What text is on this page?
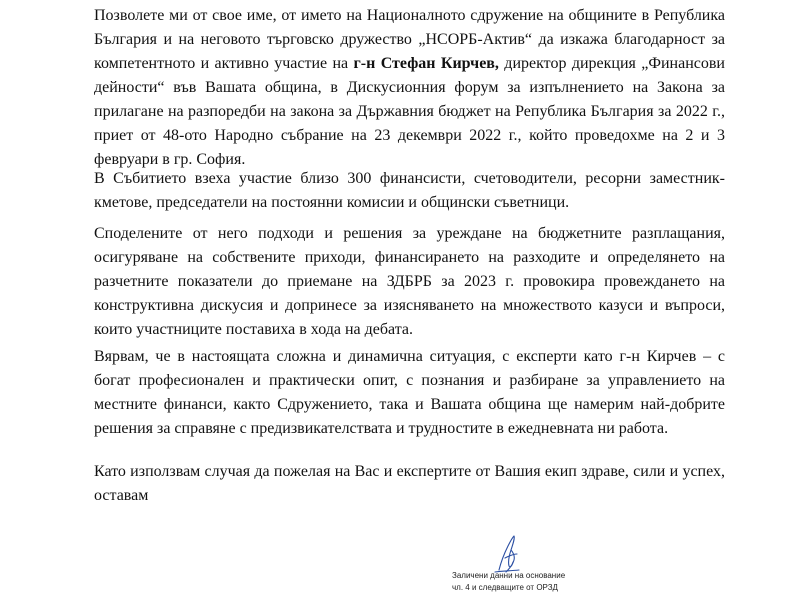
Позволете ми от свое име, от името на Националното сдружение на общините в Република България и на неговото търговско дружество „НСОРБ-Актив“ да изкажа благодарност за компетентното и активно участие на г-н Стефан Кирчев, директор дирекция „Финансови дейности“ във Вашата община, в Дискусионния форум за изпълнението на Закона за прилагане на разпоредби на закона за Държавния бюджет на Република България за 2022 г., приет от 48-ото Народно събрание на 23 декември 2022 г., който проведохме на 2 и 3 февруари в гр. София.

В Събитието взеха участие близо 300 финансисти, счетоводители, ресорни заместник-кметове, председатели на постоянни комисии и общински съветници.

Споделените от него подходи и решения за уреждане на бюджетните разплащания, осигуряване на собствените приходи, финансирането на разходите и определянето на разчетните показатели до приемане на ЗДБРБ за 2023 г. провокира провеждането на конструктивна дискусия и допринесе за изясняването на множеството казуси и въпроси, които участниците поставиха в хода на дебата.

Вярвам, че в настоящата сложна и динамична ситуация, с експерти като г-н Кирчев – с богат професионален и практически опит, с познания и разбиране за управлението на местните финанси, както Сдружението, така и Вашата община ще намерим най-добрите решения за справяне с предизвикателствата и трудностите в ежедневната ни работа.

Като използвам случая да пожелая на Вас и експертите от Вашия екип здраве, сили и успех, оставам

Заличени данни на основание
чл. 4 и следващите от ОРЗД
